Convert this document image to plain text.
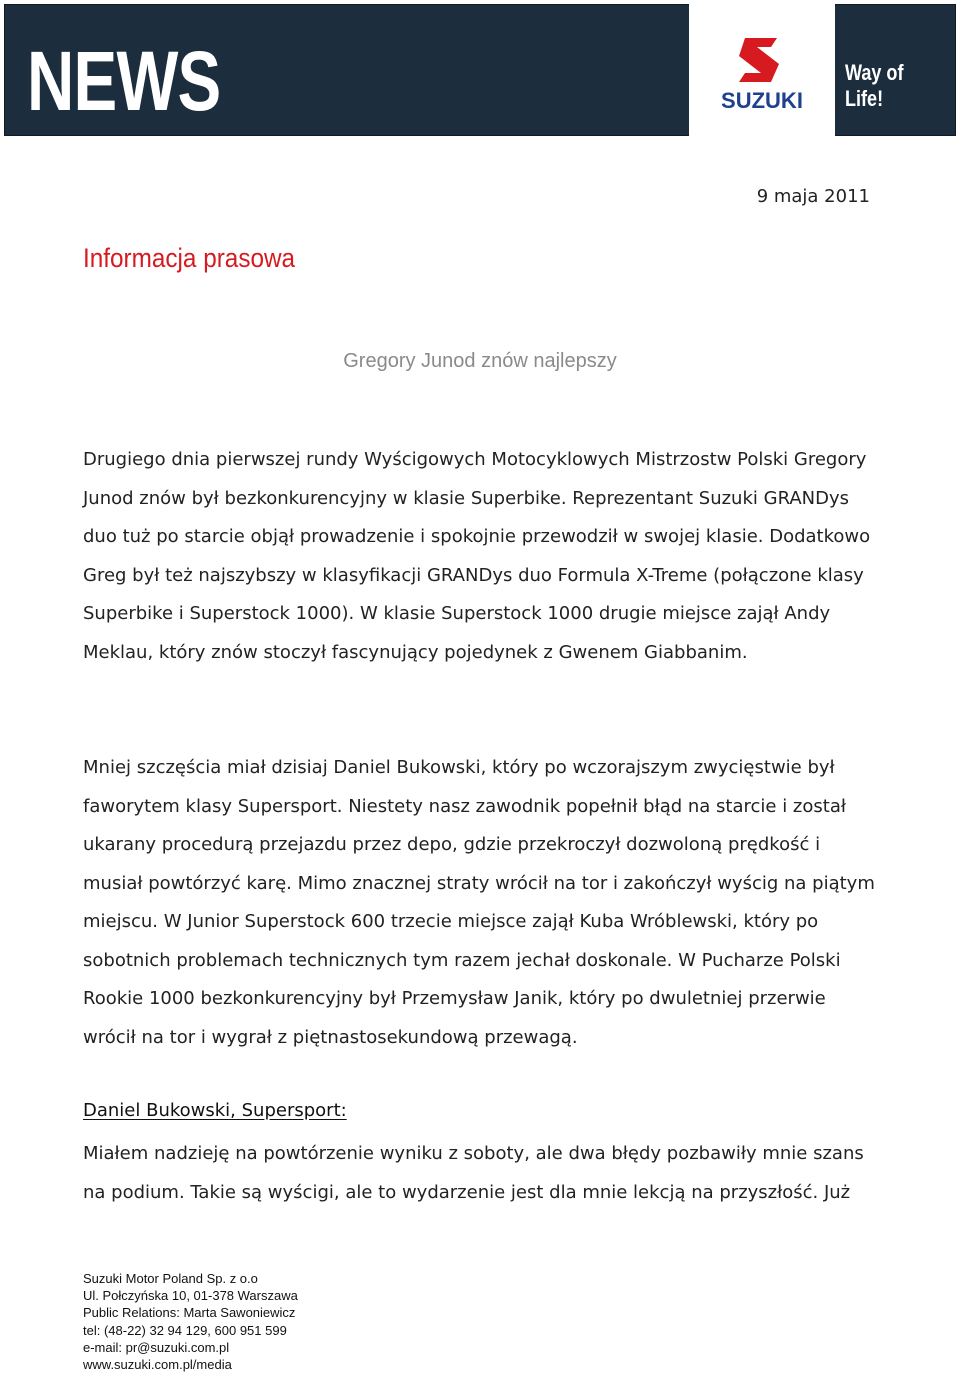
NEWS	SUZUKI
Way of Life!
9 maja 2011
Informacja prasowa
Gregory Junod znów najlepszy

Drugiego dnia pierwszej rundy Wyścigowych Motocyklowych Mistrzostw Polski Gregory Junod znów był bezkonkurencyjny w klasie Superbike. Reprezentant Suzuki GRANDys duo tuż po starcie objął prowadzenie i spokojnie przewodził w swojej klasie. Dodatkowo Greg był też najszybszy w klasyfikacji GRANDys duo Formula X-Treme (połączone klasy Superbike i Superstock 1000). W klasie Superstock 1000 drugie miejsce zajął Andy Meklau, który znów stoczył fascynujący pojedynek z Gwenem Giabbanim.

Mniej szczęścia miał dzisiaj Daniel Bukowski, który po wczorajszym zwycięstwie był faworytem klasy Supersport. Niestety nasz zawodnik popełnił błąd na starcie i został ukarany procedurą przejazdu przez depo, gdzie przekroczył dozwoloną prędkość i musiał powtórzyć karę. Mimo znacznej straty wrócił na tor i zakończył wyścig na piątym miejscu. W Junior Superstock 600 trzecie miejsce zajął Kuba Wróblewski, który po sobotnich problemach technicznych tym razem jechał doskonale. W Pucharze Polski Rookie 1000 bezkonkurencyjny był Przemysław Janik, który po dwuletniej przerwie wrócił na tor i wygrał z piętnastosekundową przewagą.

Daniel Bukowski, Supersport:

Miałem nadzieję na powtórzenie wyniku z soboty, ale dwa błędy pozbawiły mnie szans na podium. Takie są wyścigi, ale to wydarzenie jest dla mnie lekcją na przyszłość. Już

Suzuki Motor Poland Sp. z o.o
Ul. Połczyńska 10, 01-378 Warszawa
Public Relations: Marta Sawoniewicz
tel: (48-22) 32 94 129, 600 951 599
e-mail: pr@suzuki.com.pl
www.suzuki.com.pl/media
